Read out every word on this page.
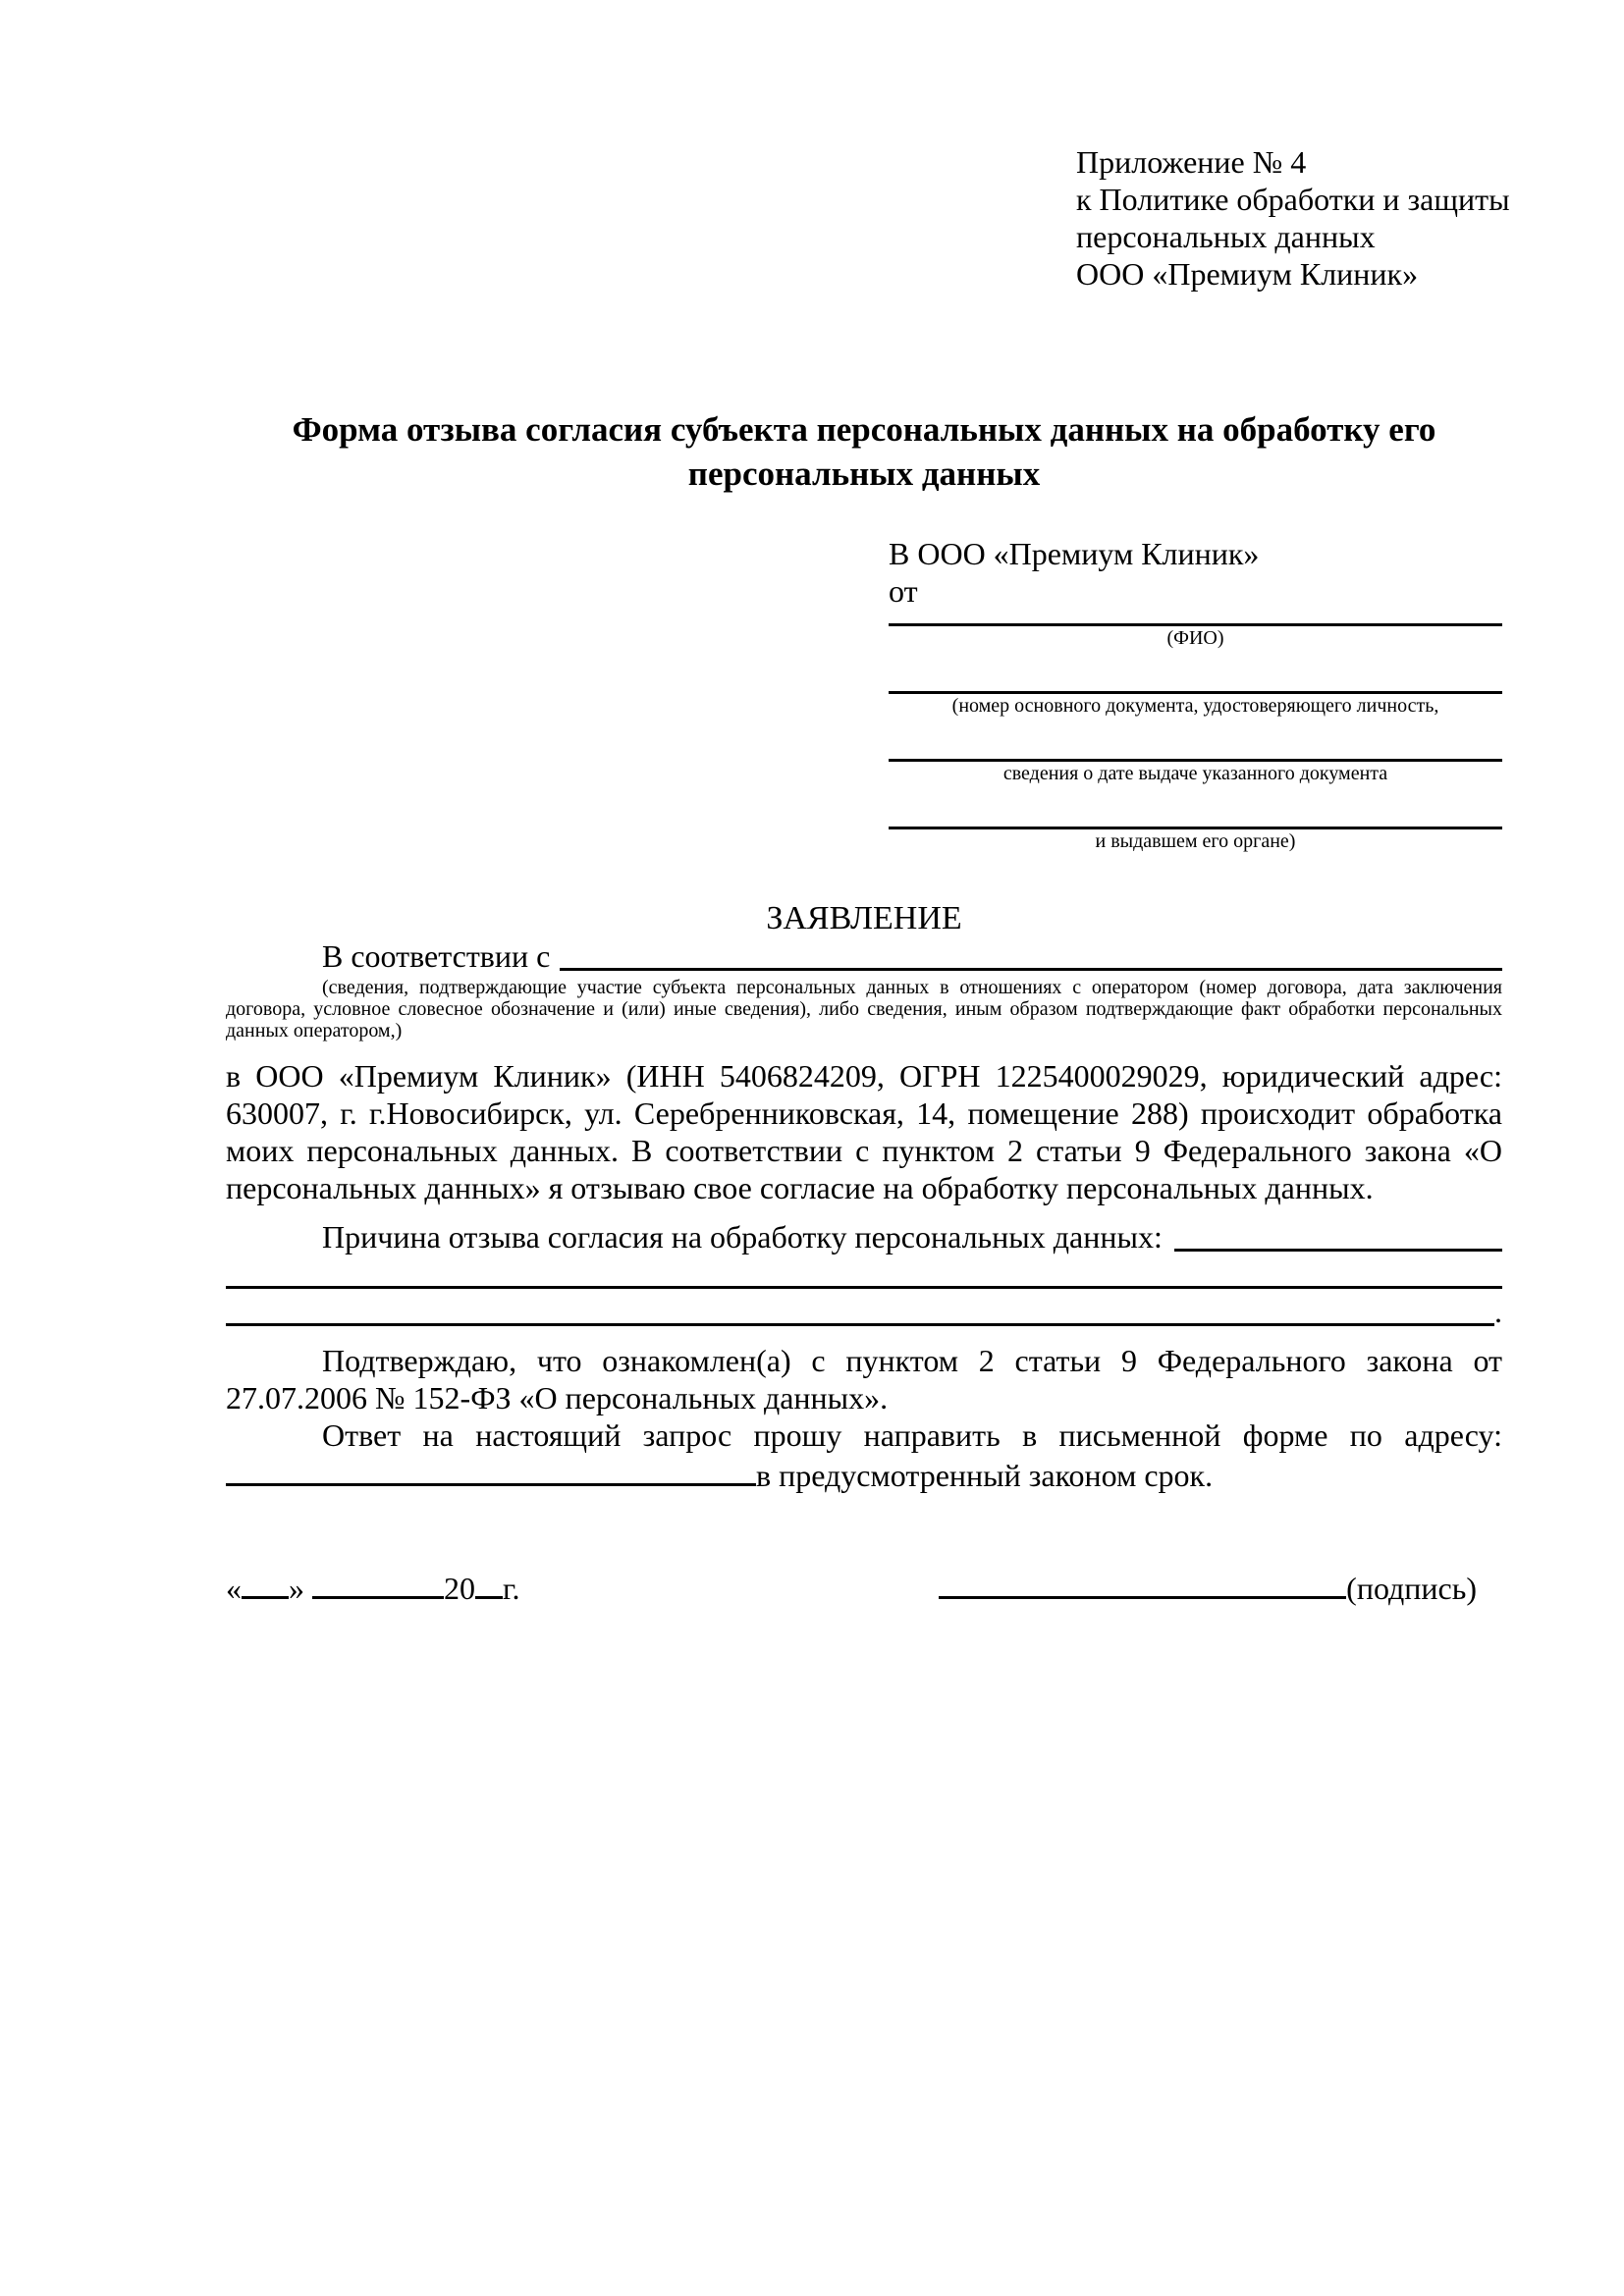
Приложение № 4
к Политике обработки и защиты
персональных данных
ООО «Премиум Клиник»
Форма отзыва согласия субъекта персональных данных на обработку его персональных данных
В ООО «Премиум Клиник»
от
(ФИО)
(номер основного документа, удостоверяющего личность,
сведения о дате выдаче указанного документа
и выдавшем его органе)
ЗАЯВЛЕНИЕ
В соответствии с
(сведения, подтверждающие участие субъекта персональных данных в отношениях с оператором (номер договора, дата заключения договора, условное словесное обозначение и (или) иные сведения), либо сведения, иным образом подтверждающие факт обработки персональных данных оператором,)
в ООО «Премиум Клиник» (ИНН 5406824209, ОГРН 1225400029029, юридический адрес: 630007, г. г.Новосибирск, ул. Серебренниковская, 14, помещение 288) происходит обработка моих персональных данных. В соответствии с пунктом 2 статьи 9 Федерального закона «О персональных данных» я отзываю свое согласие на обработку персональных данных.
Причина отзыва согласия на обработку персональных данных:
.
Подтверждаю, что ознакомлен(а) с пунктом 2 статьи 9 Федерального закона от 27.07.2006 № 152-ФЗ «О персональных данных».
Ответ на настоящий запрос прошу направить в письменной форме по адресу:
в предусмотренный законом срок.
« »	20 г.	(подпись)
